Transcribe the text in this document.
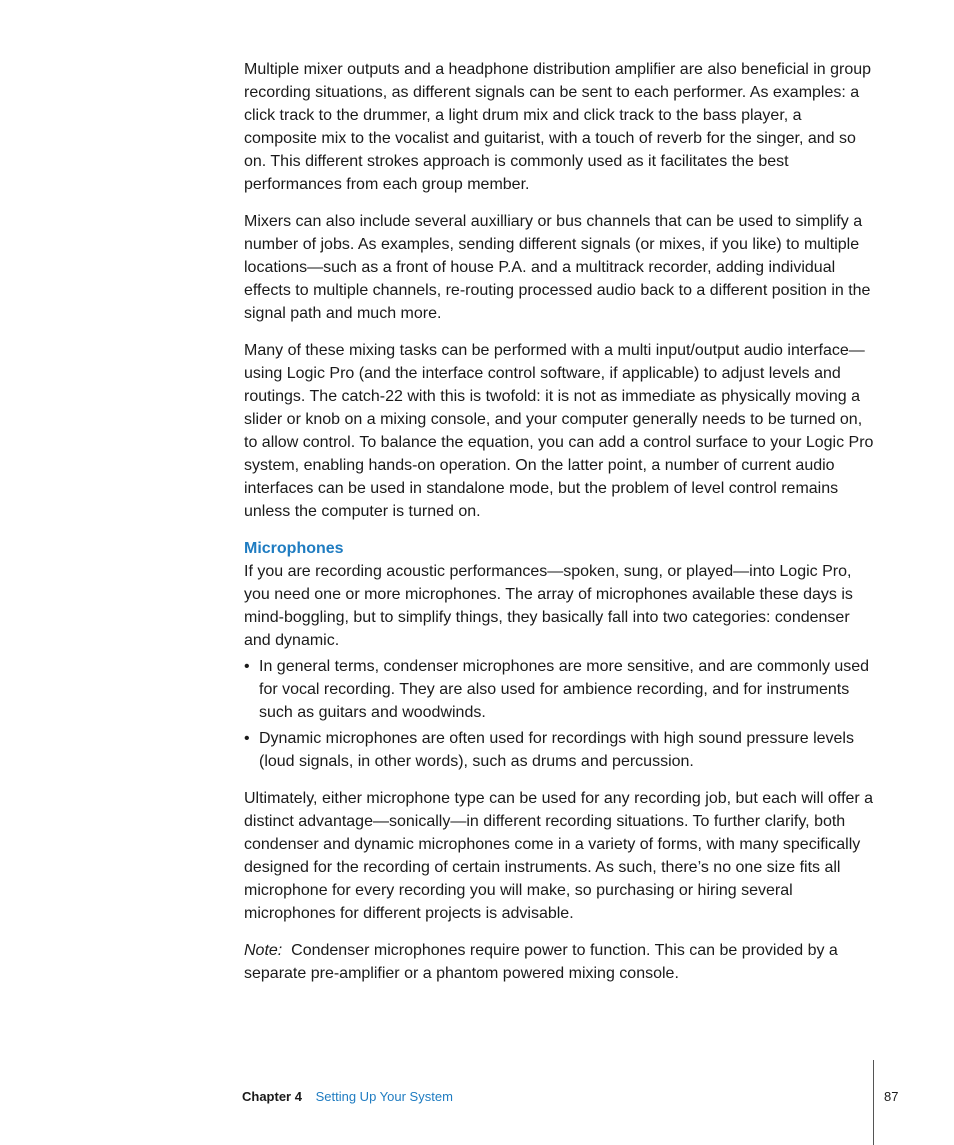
Multiple mixer outputs and a headphone distribution amplifier are also beneficial in group recording situations, as different signals can be sent to each performer. As examples: a click track to the drummer, a light drum mix and click track to the bass player, a composite mix to the vocalist and guitarist, with a touch of reverb for the singer, and so on. This different strokes approach is commonly used as it facilitates the best performances from each group member.

Mixers can also include several auxilliary or bus channels that can be used to simplify a number of jobs. As examples, sending different signals (or mixes, if you like) to multiple locations—such as a front of house P.A. and a multitrack recorder, adding individual effects to multiple channels, re-routing processed audio back to a different position in the signal path and much more.

Many of these mixing tasks can be performed with a multi input/output audio interface—using Logic Pro (and the interface control software, if applicable) to adjust levels and routings. The catch-22 with this is twofold: it is not as immediate as physically moving a slider or knob on a mixing console, and your computer generally needs to be turned on, to allow control. To balance the equation, you can add a control surface to your Logic Pro system, enabling hands-on operation. On the latter point, a number of current audio interfaces can be used in standalone mode, but the problem of level control remains unless the computer is turned on.

Microphones

If you are recording acoustic performances—spoken, sung, or played—into Logic Pro, you need one or more microphones. The array of microphones available these days is mind-boggling, but to simplify things, they basically fall into two categories: condenser and dynamic.

• In general terms, condenser microphones are more sensitive, and are commonly used for vocal recording. They are also used for ambience recording, and for instruments such as guitars and woodwinds.
• Dynamic microphones are often used for recordings with high sound pressure levels (loud signals, in other words), such as drums and percussion.

Ultimately, either microphone type can be used for any recording job, but each will offer a distinct advantage—sonically—in different recording situations. To further clarify, both condenser and dynamic microphones come in a variety of forms, with many specifically designed for the recording of certain instruments. As such, there’s no one size fits all microphone for every recording you will make, so purchasing or hiring several microphones for different projects is advisable.

Note:  Condenser microphones require power to function. This can be provided by a separate pre-amplifier or a phantom powered mixing console.

Chapter 4 Setting Up Your System	87
